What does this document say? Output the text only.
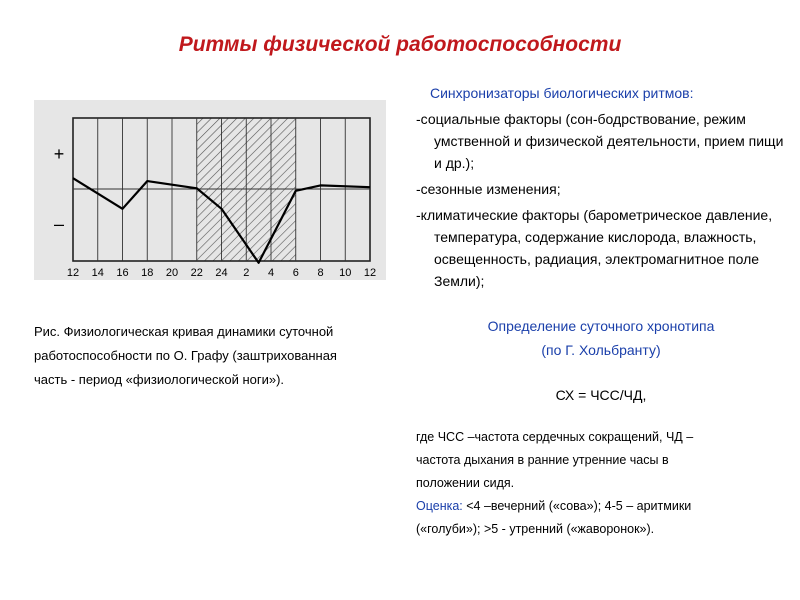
Ритмы физической работоспособности
+
–
12 14 16 18 20 22 24 2 4 6 8 10 12
Рис. Физиологическая кривая динамики суточной
работоспособности по О. Графу (заштрихованная
часть - период «физиологической ноги»).
Синхронизаторы биологических ритмов:
-социальные факторы (сон-бодрствование, режим умственной и физической деятельности, прием пищи и др.);
-сезонные изменения;
-климатические факторы (барометрическое давление, температура, содержание кислорода, влажность, освещенность, радиация, электромагнитное поле Земли);
Определение суточного хронотипа
(по Г. Хольбранту)
СХ = ЧСС/ЧД,
где ЧСС –частота сердечных сокращений, ЧД –
частота дыхания в ранние утренние часы в
положении сидя.
Оценка: <4 –вечерний («сова»); 4-5 – аритмики
(«голуби»); >5 - утренний («жаворонок»).
